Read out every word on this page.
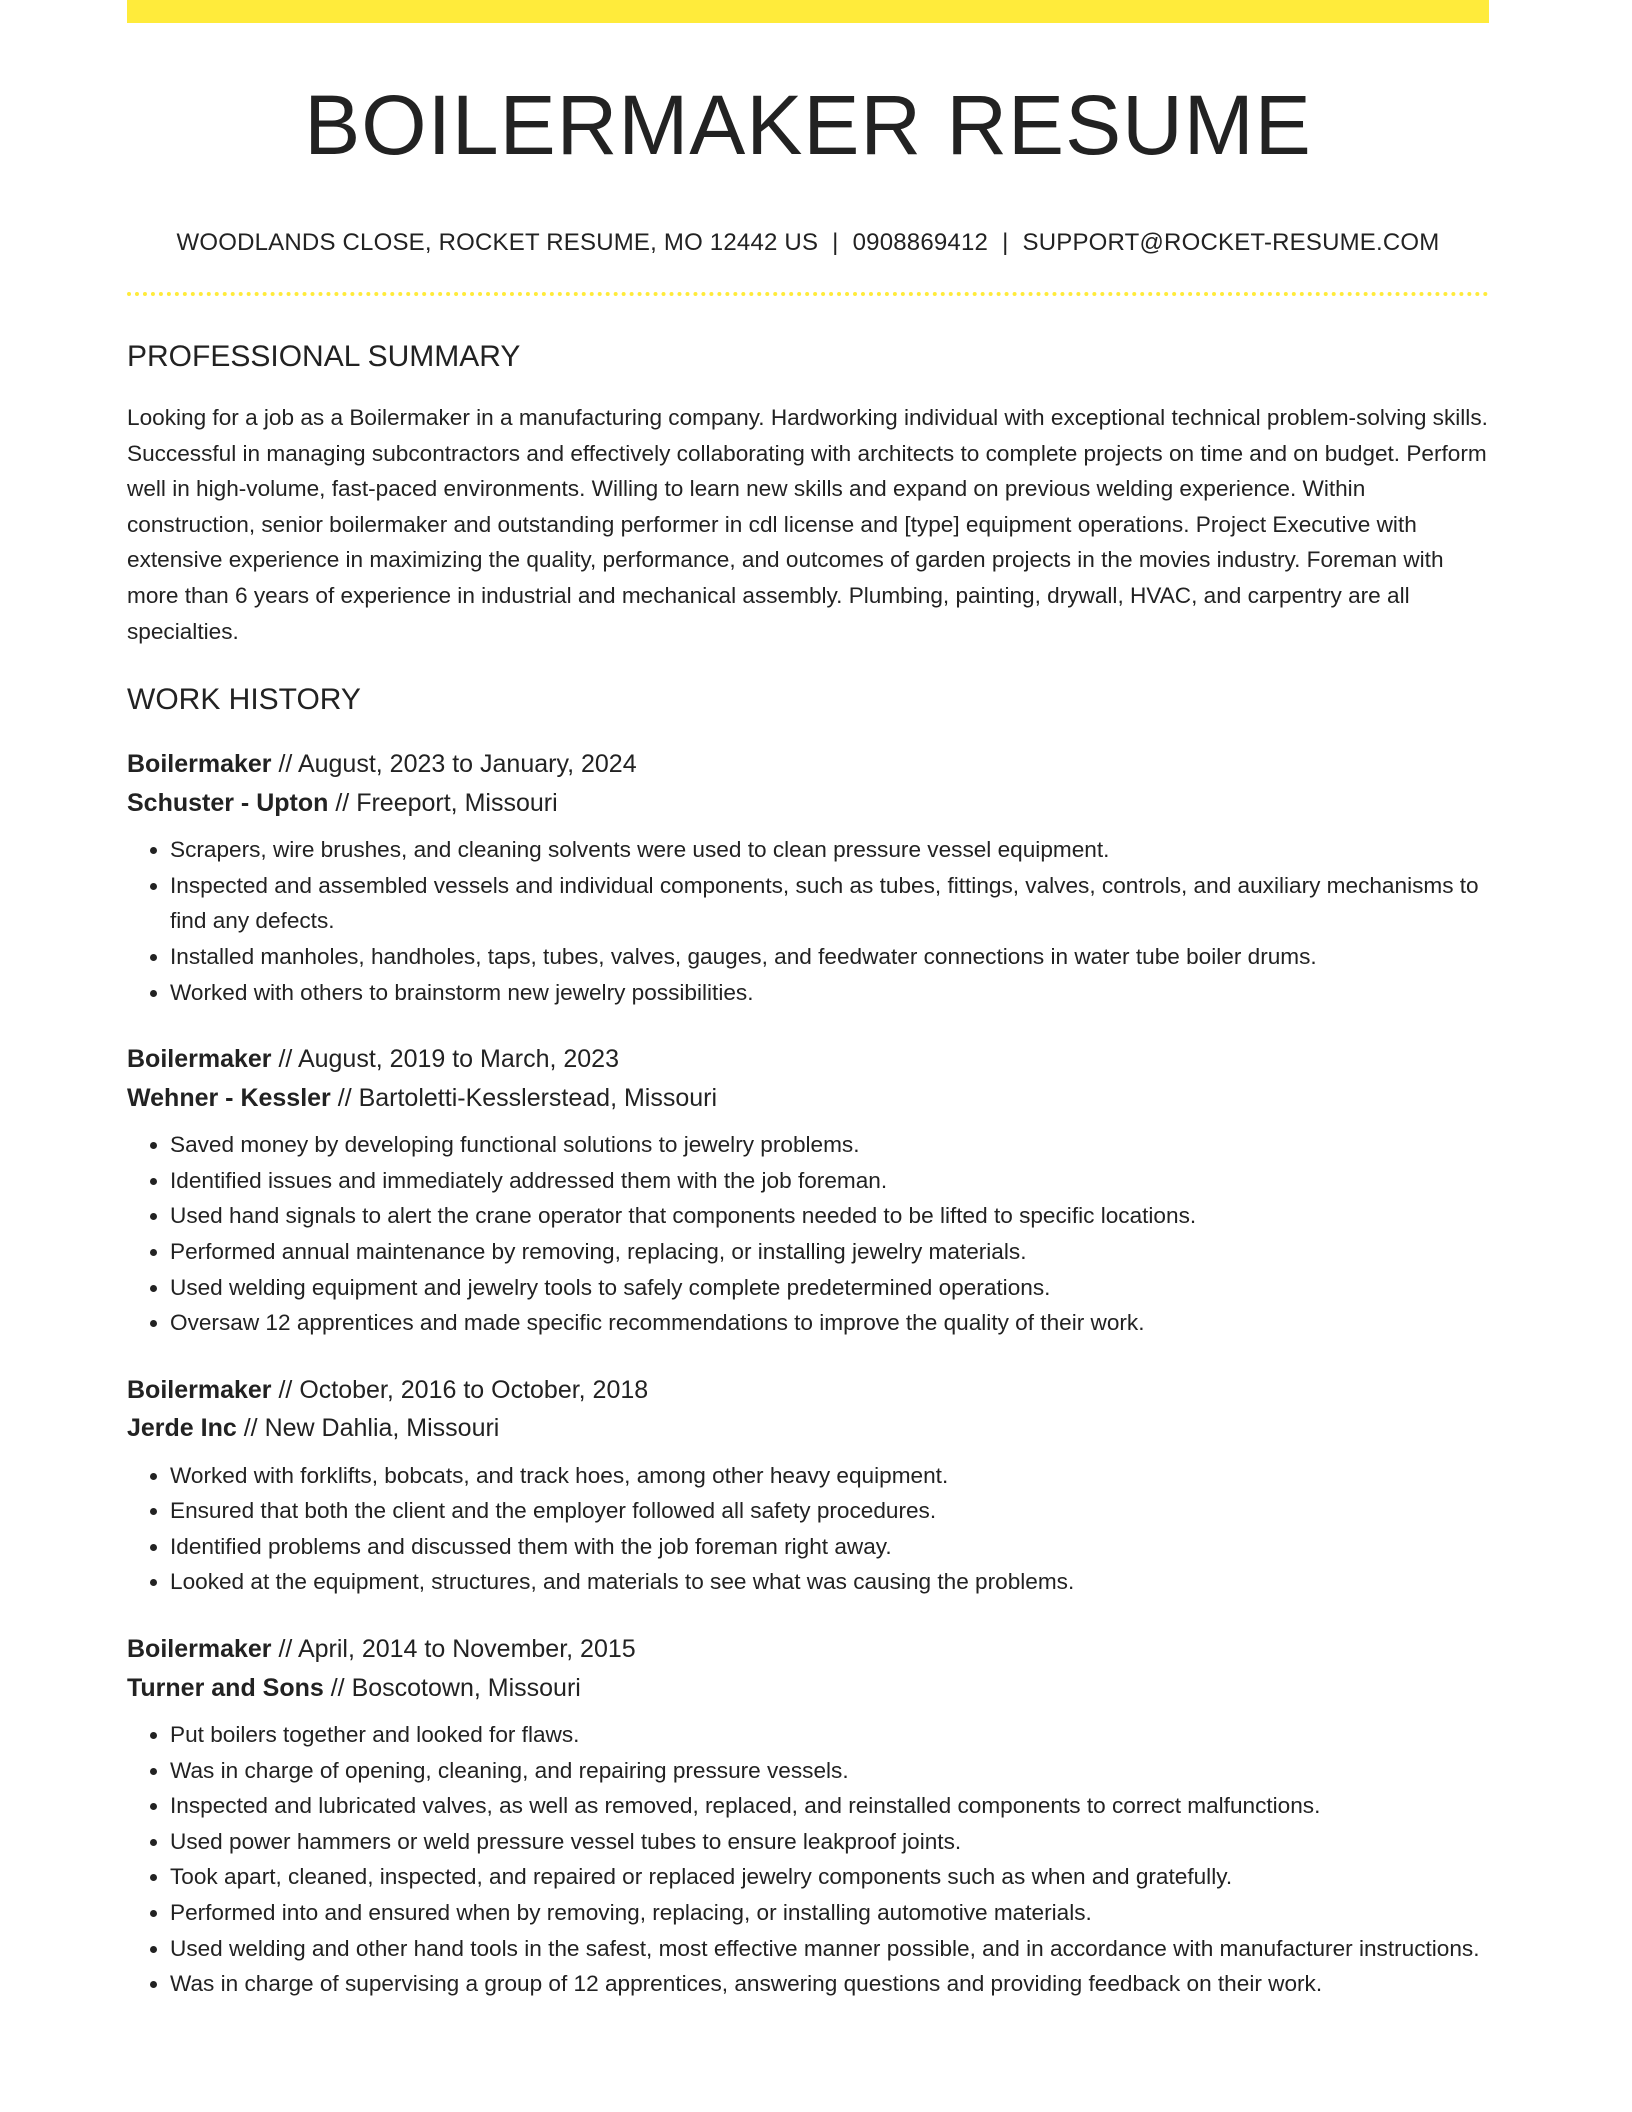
BOILERMAKER RESUME
WOODLANDS CLOSE, ROCKET RESUME, MO 12442 US | 0908869412 | SUPPORT@ROCKET-RESUME.COM
PROFESSIONAL SUMMARY

Looking for a job as a Boilermaker in a manufacturing company. Hardworking individual with exceptional technical problem-solving skills. Successful in managing subcontractors and effectively collaborating with architects to complete projects on time and on budget. Perform well in high-volume, fast-paced environments. Willing to learn new skills and expand on previous welding experience. Within construction, senior boilermaker and outstanding performer in cdl license and [type] equipment operations. Project Executive with extensive experience in maximizing the quality, performance, and outcomes of garden projects in the movies industry. Foreman with more than 6 years of experience in industrial and mechanical assembly. Plumbing, painting, drywall, HVAC, and carpentry are all specialties.

WORK HISTORY
Boilermaker // August, 2023 to January, 2024
Schuster - Upton // Freeport, Missouri
• Scrapers, wire brushes, and cleaning solvents were used to clean pressure vessel equipment.
• Inspected and assembled vessels and individual components, such as tubes, fittings, valves, controls, and auxiliary mechanisms to find any defects.
• Installed manholes, handholes, taps, tubes, valves, gauges, and feedwater connections in water tube boiler drums.
• Worked with others to brainstorm new jewelry possibilities.
Boilermaker // August, 2019 to March, 2023
Wehner - Kessler // Bartoletti-Kesslerstead, Missouri
• Saved money by developing functional solutions to jewelry problems.
• Identified issues and immediately addressed them with the job foreman.
• Used hand signals to alert the crane operator that components needed to be lifted to specific locations.
• Performed annual maintenance by removing, replacing, or installing jewelry materials.
• Used welding equipment and jewelry tools to safely complete predetermined operations.
• Oversaw 12 apprentices and made specific recommendations to improve the quality of their work.
Boilermaker // October, 2016 to October, 2018
Jerde Inc // New Dahlia, Missouri
• Worked with forklifts, bobcats, and track hoes, among other heavy equipment.
• Ensured that both the client and the employer followed all safety procedures.
• Identified problems and discussed them with the job foreman right away.
• Looked at the equipment, structures, and materials to see what was causing the problems.
Boilermaker // April, 2014 to November, 2015
Turner and Sons // Boscotown, Missouri
• Put boilers together and looked for flaws.
• Was in charge of opening, cleaning, and repairing pressure vessels.
• Inspected and lubricated valves, as well as removed, replaced, and reinstalled components to correct malfunctions.
• Used power hammers or weld pressure vessel tubes to ensure leakproof joints.
• Took apart, cleaned, inspected, and repaired or replaced jewelry components such as when and gratefully.
• Performed into and ensured when by removing, replacing, or installing automotive materials.
• Used welding and other hand tools in the safest, most effective manner possible, and in accordance with manufacturer instructions.
• Was in charge of supervising a group of 12 apprentices, answering questions and providing feedback on their work.
